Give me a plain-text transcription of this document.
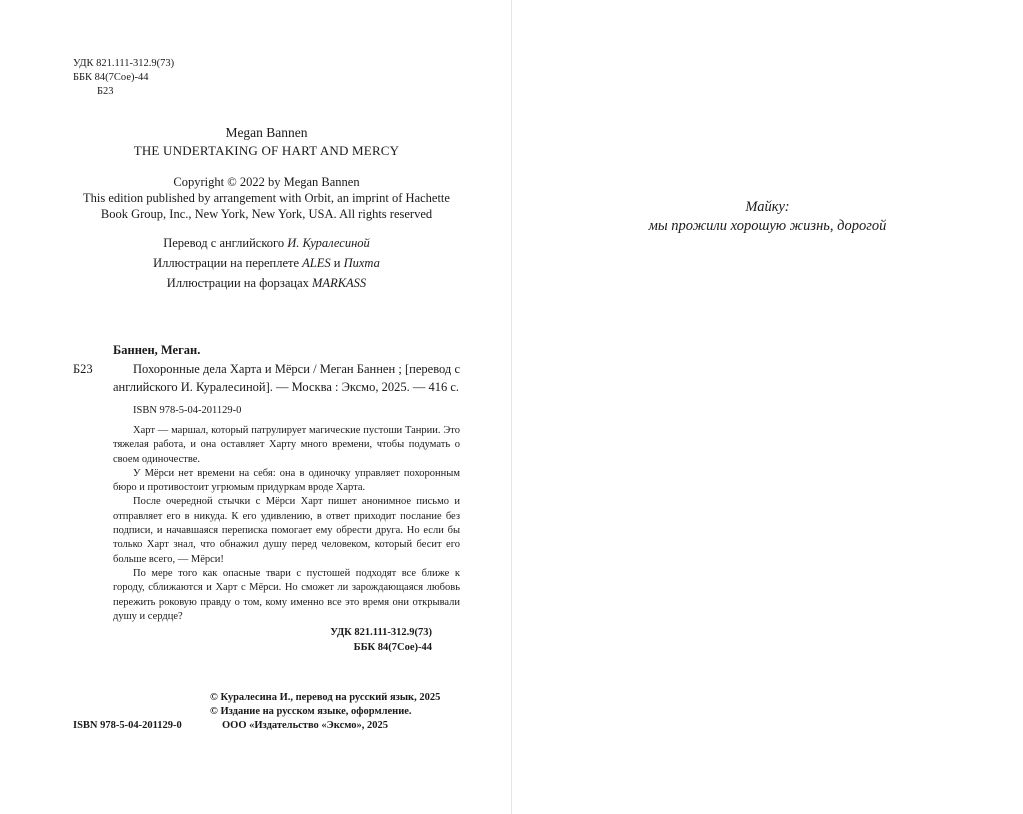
УДК 821.111-312.9(73)
ББК 84(7Сое)-44
Б23
Megan Bannen
THE UNDERTAKING OF HART AND MERCY
Copyright © 2022 by Megan Bannen
This edition published by arrangement with Orbit, an imprint of Hachette
Book Group, Inc., New York, New York, USA. All rights reserved
Перевод с английского И. Куралесиной
Иллюстрации на переплете ALES и Пихта
Иллюстрации на форзацах MARKASS
Баннен, Меган.
Б23	Похоронные дела Харта и Мёрси / Меган Баннен ; [перевод с английского И. Куралесиной]. — Москва : Эксмо, 2025. — 416 с.
ISBN 978-5-04-201129-0

Харт — маршал, который патрулирует магические пустоши Танрии. Это тяжелая работа, и она оставляет Харту много времени, чтобы подумать о своем одиночестве.

У Мёрси нет времени на себя: она в одиночку управляет похоронным бюро и противостоит угрюмым придуркам вроде Харта.

После очередной стычки с Мёрси Харт пишет анонимное письмо и отправляет его в никуда. К его удивлению, в ответ приходит послание без подписи, и начавшаяся переписка помогает ему обрести друга. Но если бы только Харт знал, что обнажил душу перед человеком, который бесит его больше всего, — Мёрси!

По мере того как опасные твари с пустошей подходят все ближе к городу, сближаются и Харт с Мёрси. Но сможет ли зарождающаяся любовь пережить роковую правду о том, кому именно все это время они открывали душу и сердце?

УДК 821.111-312.9(73)
ББК 84(7Сое)-44
© Куралесина И., перевод на русский язык, 2025
© Издание на русском языке, оформление.
ISBN 978-5-04-201129-0	ООО «Издательство «Эксмо», 2025
Майку:
мы прожили хорошую жизнь, дорогой
